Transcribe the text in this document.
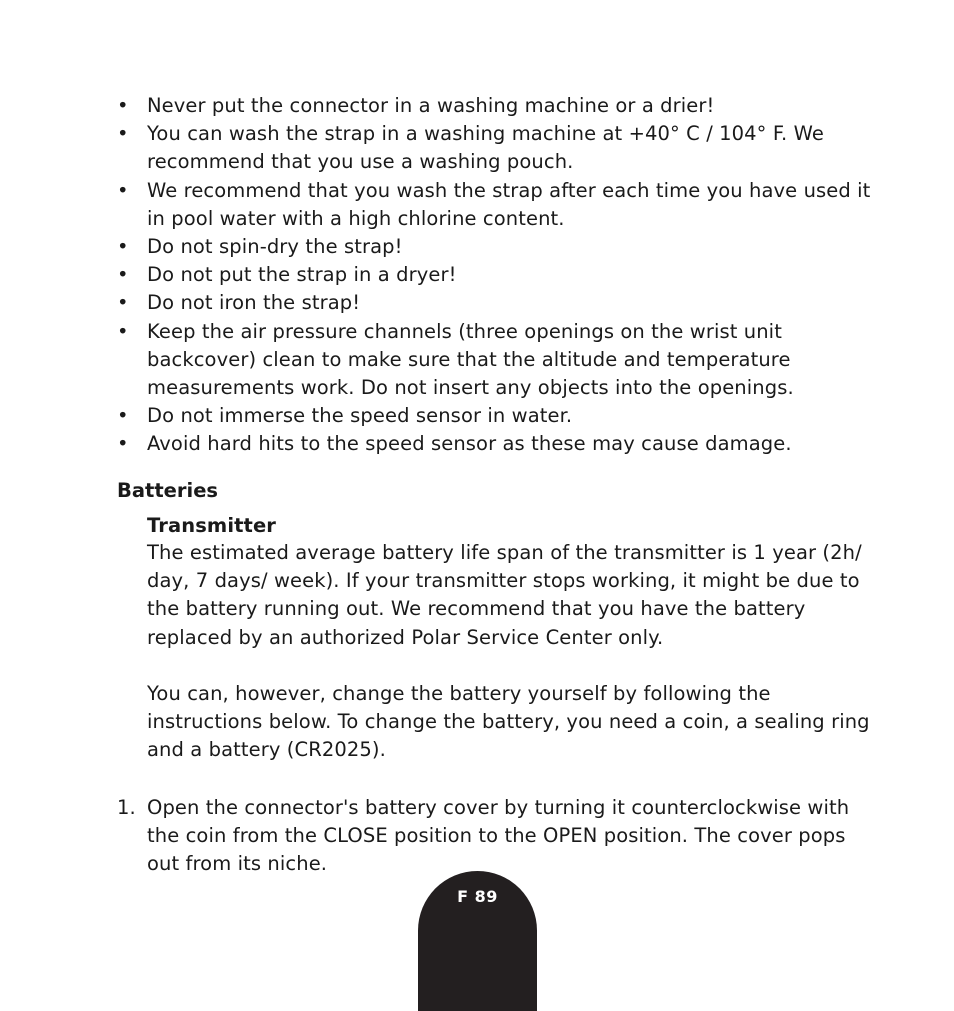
• Never put the connector in a washing machine or a drier!
• You can wash the strap in a washing machine at +40° C / 104° F. We recommend that you use a washing pouch.
• We recommend that you wash the strap after each time you have used it in pool water with a high chlorine content.
• Do not spin-dry the strap!
• Do not put the strap in a dryer!
• Do not iron the strap!
• Keep the air pressure channels (three openings on the wrist unit backcover) clean to make sure that the altitude and temperature measurements work. Do not insert any objects into the openings.
• Do not immerse the speed sensor in water.
• Avoid hard hits to the speed sensor as these may cause damage.
Batteries
Transmitter

The estimated average battery life span of the transmitter is 1 year (2h/ day, 7 days/ week). If your transmitter stops working, it might be due to the battery running out. We recommend that you have the battery replaced by an authorized Polar Service Center only.

You can, however, change the battery yourself by following the instructions below. To change the battery, you need a coin, a sealing ring and a battery (CR2025).

1. Open the connector's battery cover by turning it counterclockwise with the coin from the CLOSE position to the OPEN position. The cover pops out from its niche.
F 89
